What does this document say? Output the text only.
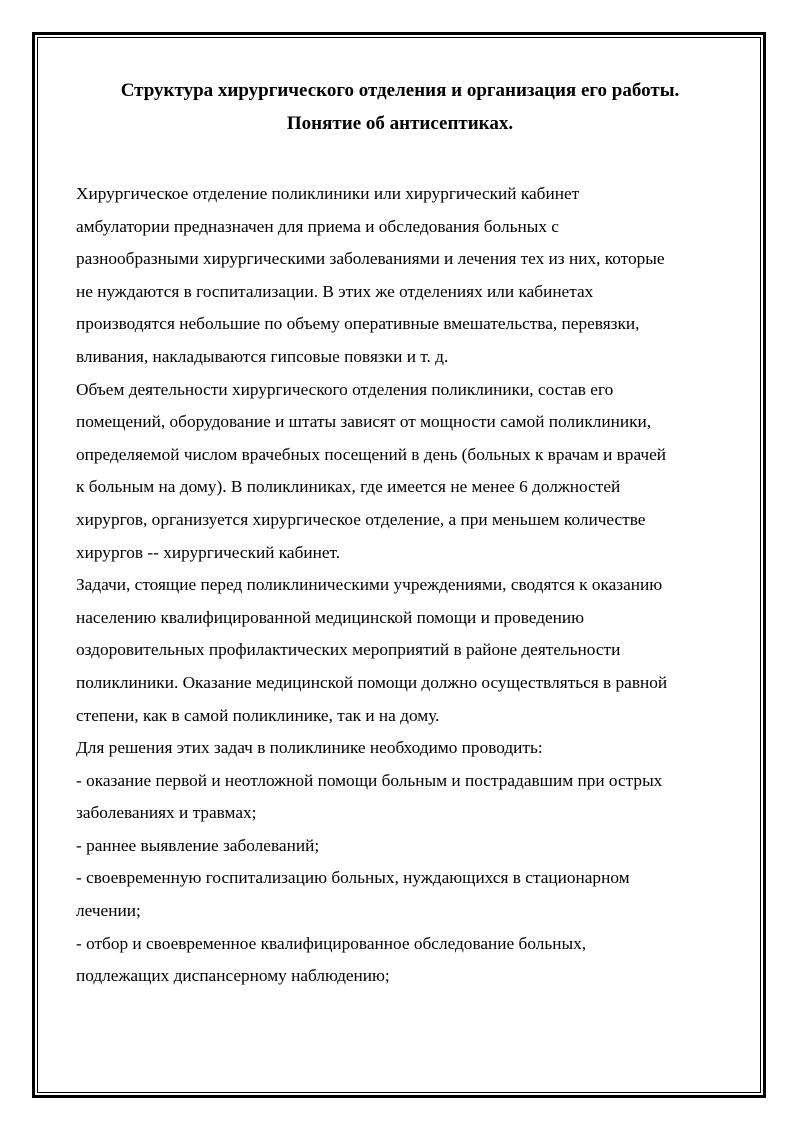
Структура хирургического отделения и организация его работы.
Понятие об антисептиках.

Хирургическое отделение поликлиники или хирургический кабинет

амбулатории предназначен для приема и обследования больных с

разнообразными хирургическими заболеваниями и лечения тех из них, которые

не нуждаются в госпитализации. В этих же отделениях или кабинетах

производятся небольшие по объему оперативные вмешательства, перевязки,

вливания, накладываются гипсовые повязки и т. д.

Объем деятельности хирургического отделения поликлиники, состав его

помещений, оборудование и штаты зависят от мощности самой поликлиники,

определяемой числом врачебных посещений в день (больных к врачам и врачей

к больным на дому). В поликлиниках, где имеется не менее 6 должностей

хирургов, организуется хирургическое отделение, а при меньшем количестве

хирургов -- хирургический кабинет.

Задачи, стоящие перед поликлиническими учреждениями, сводятся к оказанию

населению квалифицированной медицинской помощи и проведению

оздоровительных профилактических мероприятий в районе деятельности

поликлиники. Оказание медицинской помощи должно осуществляться в равной

степени, как в самой поликлинике, так и на дому.

Для решения этих задач в поликлинике необходимо проводить:

- оказание первой и неотложной помощи больным и пострадавшим при острых

заболеваниях и травмах;

- раннее выявление заболеваний;

- своевременную госпитализацию больных, нуждающихся в стационарном

лечении;

- отбор и своевременное квалифицированное обследование больных,

подлежащих диспансерному наблюдению;
